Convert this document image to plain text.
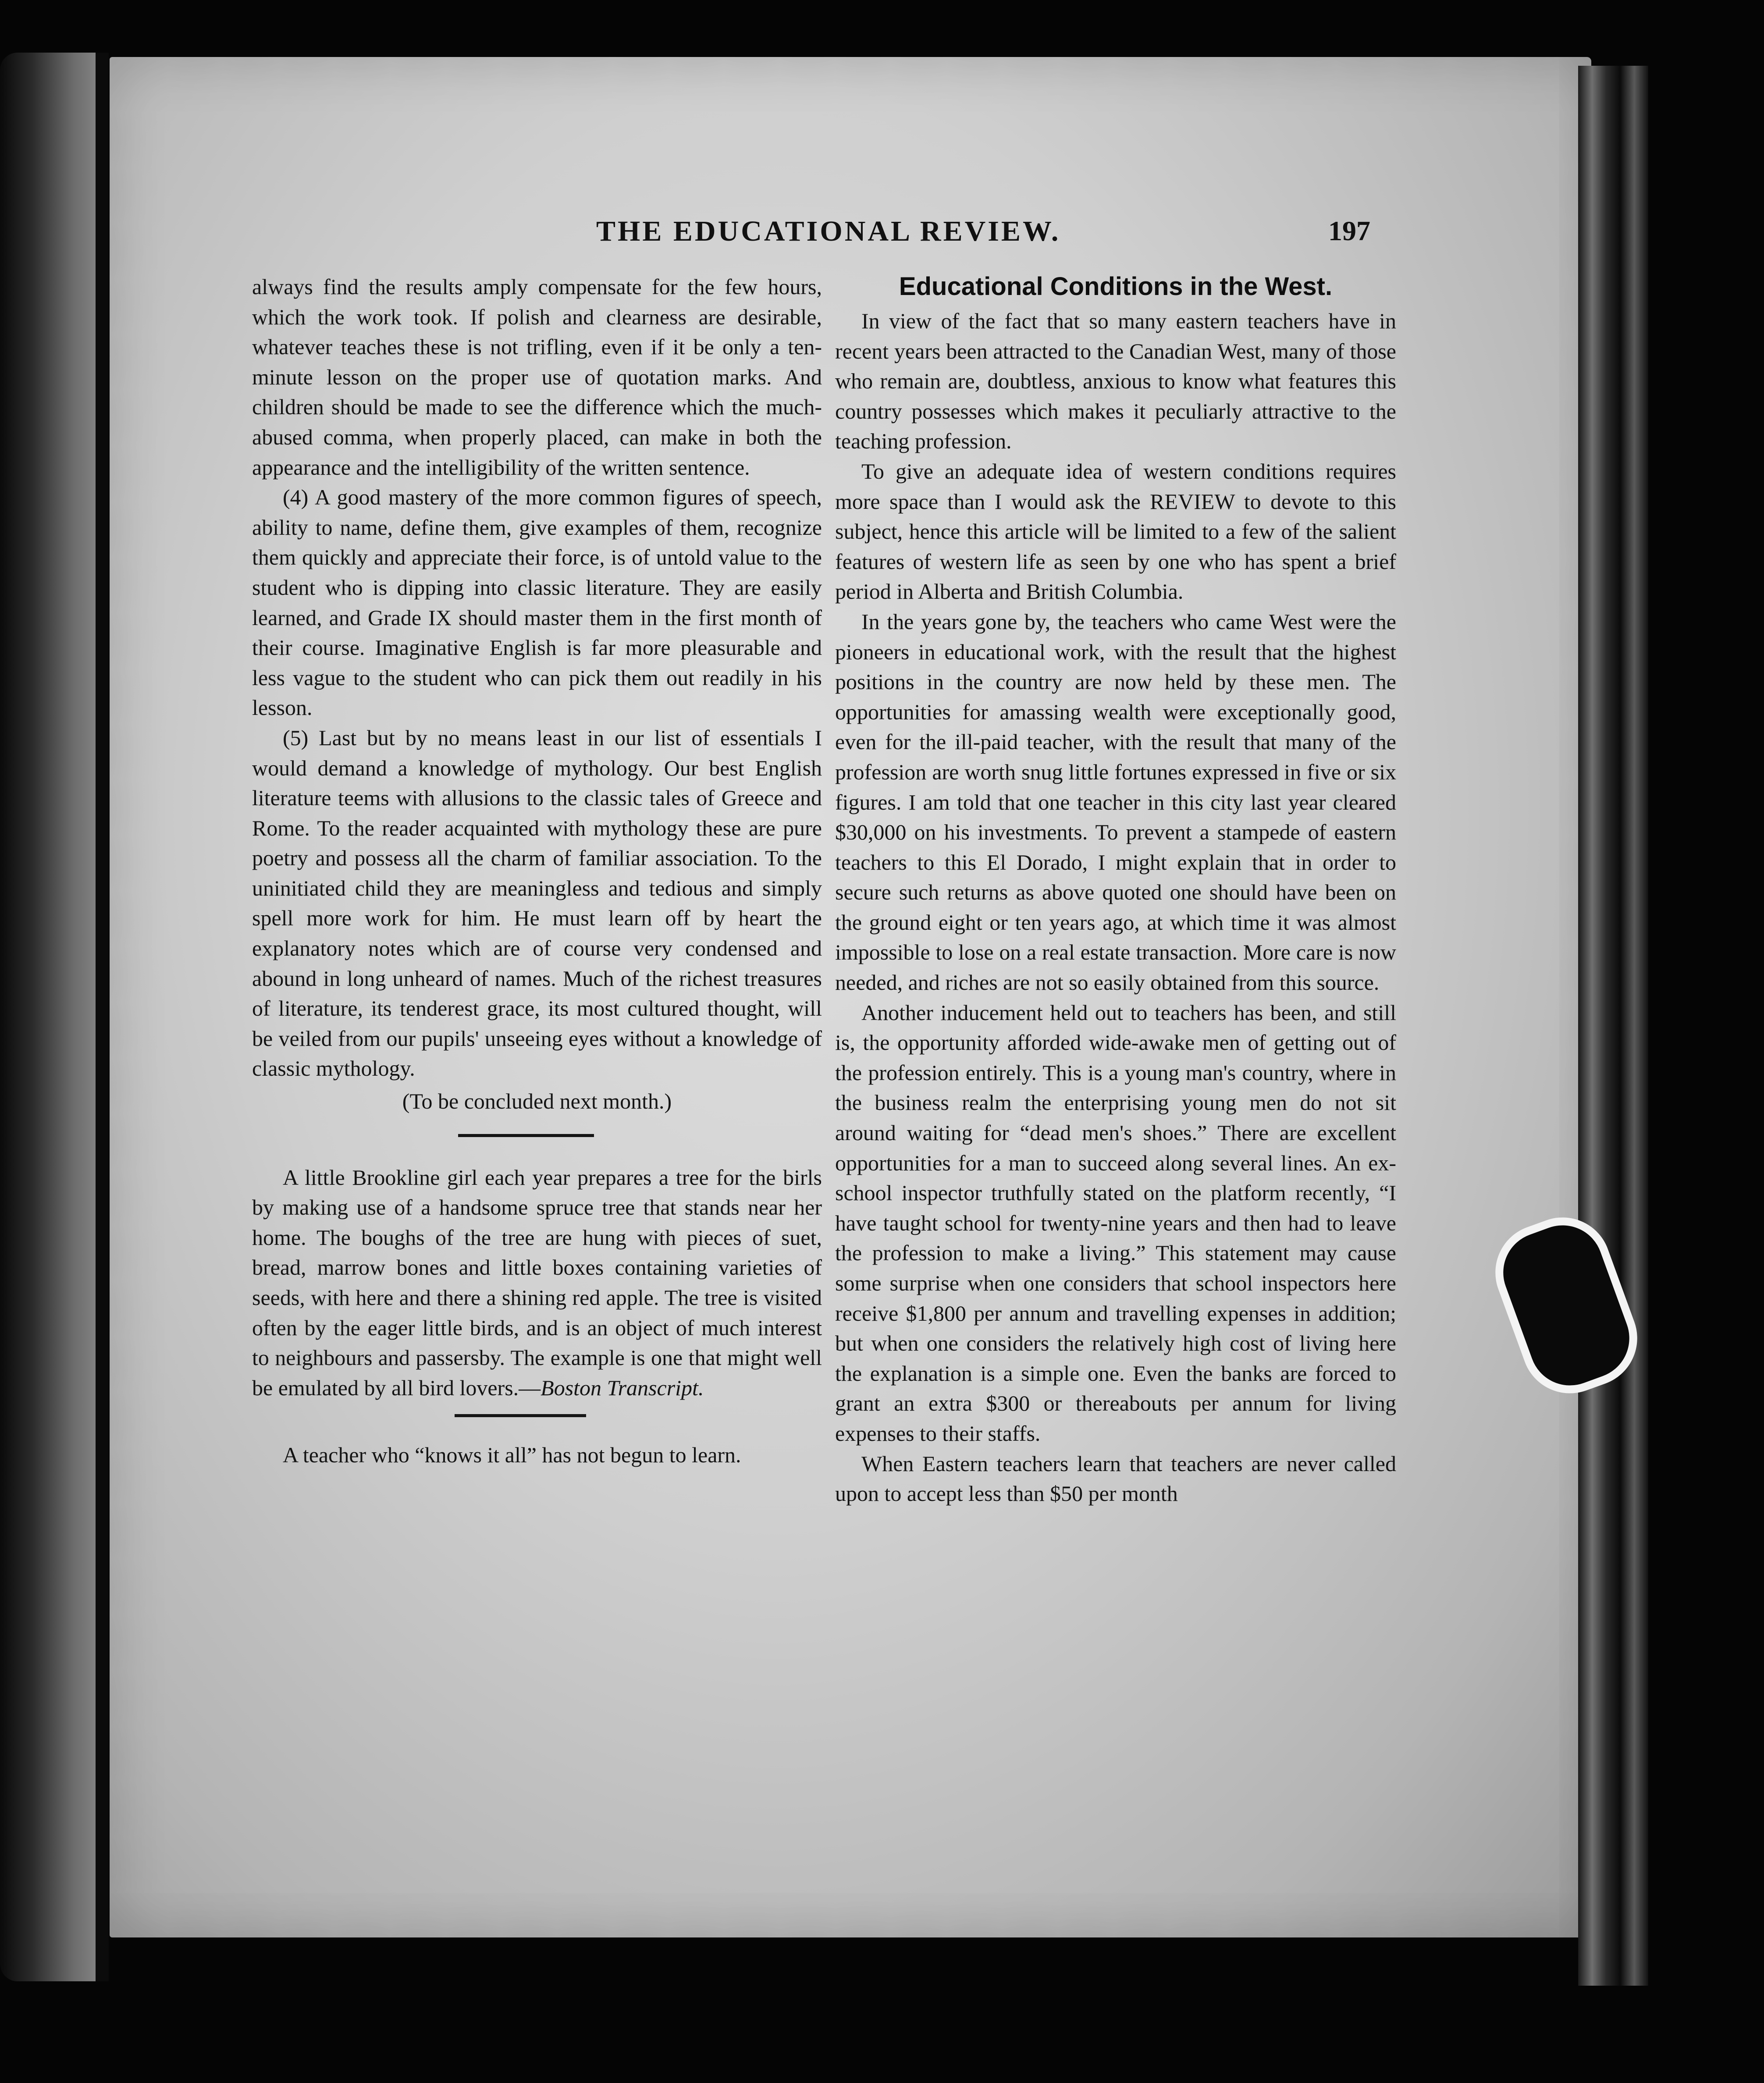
THE EDUCATIONAL REVIEW.	197

always find the results amply compensate for the few hours, which the work took. If polish and clearness are desirable, whatever teaches these is not trifling, even if it be only a ten-minute lesson on the proper use of quotation marks. And children should be made to see the difference which the much-abused comma, when properly placed, can make in both the appearance and the intelligibility of the written sentence.

(4) A good mastery of the more common figures of speech, ability to name, define them, give examples of them, recognize them quickly and appreciate their force, is of untold value to the student who is dipping into classic literature. They are easily learned, and Grade IX should master them in the first month of their course. Imaginative English is far more pleasurable and less vague to the student who can pick them out readily in his lesson.

(5) Last but by no means least in our list of essentials I would demand a knowledge of mythology. Our best English literature teems with allusions to the classic tales of Greece and Rome. To the reader acquainted with mythology these are pure poetry and possess all the charm of familiar association. To the uninitiated child they are meaningless and tedious and simply spell more work for him. He must learn off by heart the explanatory notes which are of course very condensed and abound in long unheard of names. Much of the richest treasures of literature, its tenderest grace, its most cultured thought, will be veiled from our pupils' unseeing eyes without a knowledge of classic mythology.

(To be concluded next month.)

A little Brookline girl each year prepares a tree for the birls by making use of a handsome spruce tree that stands near her home. The boughs of the tree are hung with pieces of suet, bread, marrow bones and little boxes containing varieties of seeds, with here and there a shining red apple. The tree is visited often by the eager little birds, and is an object of much interest to neighbours and passersby. The example is one that might well be emulated by all bird lovers.—Boston Transcript.

A teacher who “knows it all” has not begun to learn.

Educational Conditions in the West.

In view of the fact that so many eastern teachers have in recent years been attracted to the Canadian West, many of those who remain are, doubtless, anxious to know what features this country possesses which makes it peculiarly attractive to the teaching profession.

To give an adequate idea of western conditions requires more space than I would ask the REVIEW to devote to this subject, hence this article will be limited to a few of the salient features of western life as seen by one who has spent a brief period in Alberta and British Columbia.

In the years gone by, the teachers who came West were the pioneers in educational work, with the result that the highest positions in the country are now held by these men. The opportunities for amassing wealth were exceptionally good, even for the ill-paid teacher, with the result that many of the profession are worth snug little fortunes expressed in five or six figures. I am told that one teacher in this city last year cleared $30,000 on his investments. To prevent a stampede of eastern teachers to this El Dorado, I might explain that in order to secure such returns as above quoted one should have been on the ground eight or ten years ago, at which time it was almost impossible to lose on a real estate transaction. More care is now needed, and riches are not so easily obtained from this source.

Another inducement held out to teachers has been, and still is, the opportunity afforded wide-awake men of getting out of the profession entirely. This is a young man's country, where in the business realm the enterprising young men do not sit around waiting for “dead men's shoes.” There are excellent opportunities for a man to succeed along several lines. An ex-school inspector truthfully stated on the platform recently, “I have taught school for twenty-nine years and then had to leave the profession to make a living.” This statement may cause some surprise when one considers that school inspectors here receive $1,800 per annum and travelling expenses in addition; but when one considers the relatively high cost of living here the explanation is a simple one. Even the banks are forced to grant an extra $300 or thereabouts per annum for living expenses to their staffs.

When Eastern teachers learn that teachers are never called upon to accept less than $50 per month
